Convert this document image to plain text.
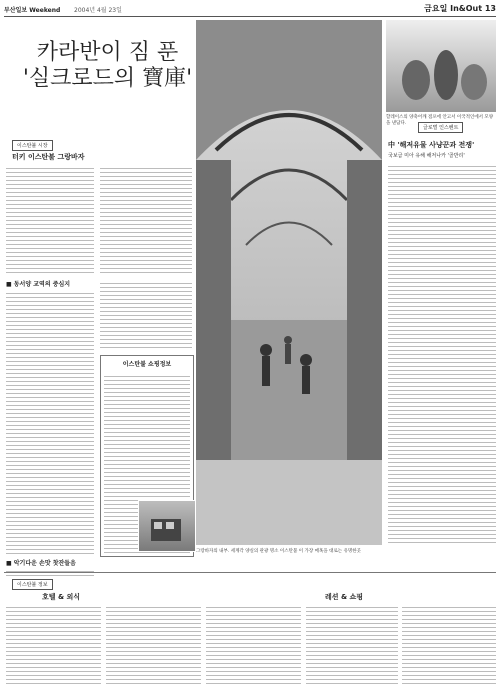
부산일보 Weekend 2004년 4월 23일	금요일 In&Out 13
카라반이 짐 푼
'실크로드의 寶庫'
그랑바자의 내부. 세계각 양실의 관광 명소 이스탄불 이 가장 매혹을 대로는 유명한곳
이스탄불 시장
터키 이스탄불 그랑바자
■ 동서양 교역의 중심지
■ 악기다운 손맛 찻잔들음
이스탄불 쇼핑정보
할레이스의 양축어깨 점포에 안고서 이국적인에서 모양을 낸답다.
글로벌 인스벤트
中 '해저유물 사냥꾼과 전쟁'
국보급 미아 유해 해저나카 '골반리'
이스탄불 정보
호텔 & 외식	레션 & 쇼핑
